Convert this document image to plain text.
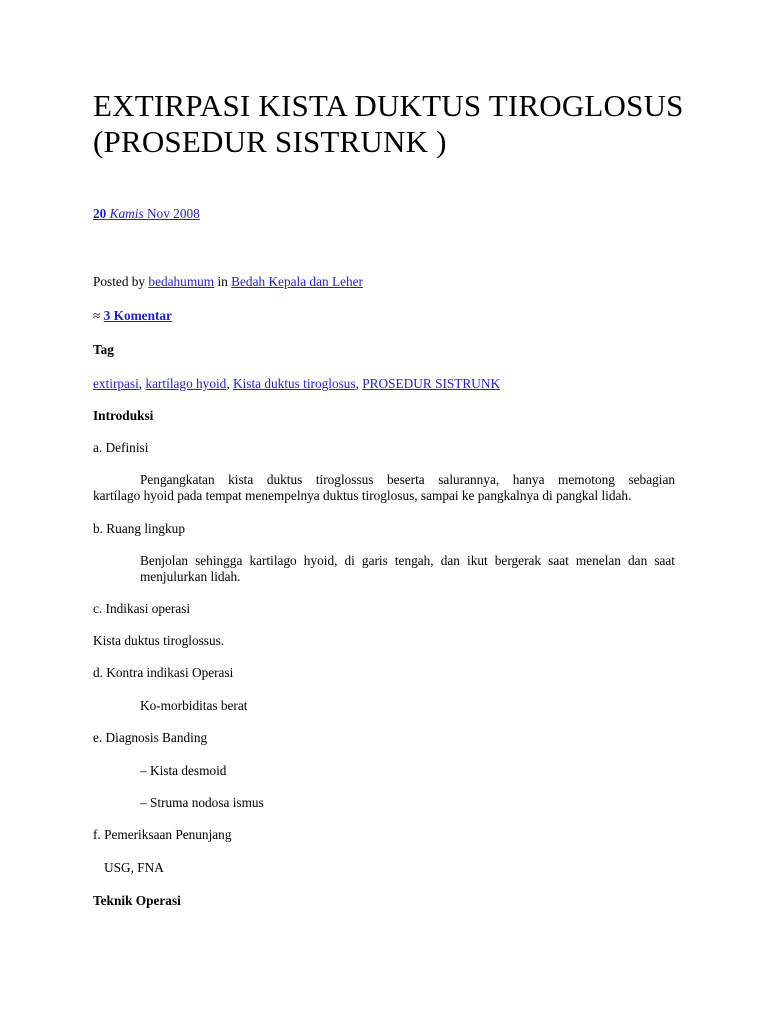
EXTIRPASI KISTA DUKTUS TIROGLOSUS (PROSEDUR SISTRUNK )
20 Kamis Nov 2008
Posted by bedahumum in Bedah Kepala dan Leher
≈ 3 Komentar
Tag
extirpasi, kartílago hyoid, Kista duktus tiroglosus, PROSEDUR SISTRUNK
Introduksi
a. Definisi
Pengangkatan kista duktus tiroglossus beserta salurannya, hanya memotong sebagian
kartílago hyoid pada tempat menempelnya duktus tiroglosus, sampai ke pangkalnya di pangkal lidah.
b. Ruang lingkup
Benjolan sehingga kartilago hyoid, di garis tengah, dan ikut bergerak saat menelan dan saat
menjulurkan lidah.
c. Indikasi operasi
Kista duktus tiroglossus.
d. Kontra indikasi Operasi
Ko-morbiditas berat
e. Diagnosis Banding
– Kista desmoid
– Struma nodosa ismus
f. Pemeriksaan Penunjang
USG, FNA
Teknik Operasi
